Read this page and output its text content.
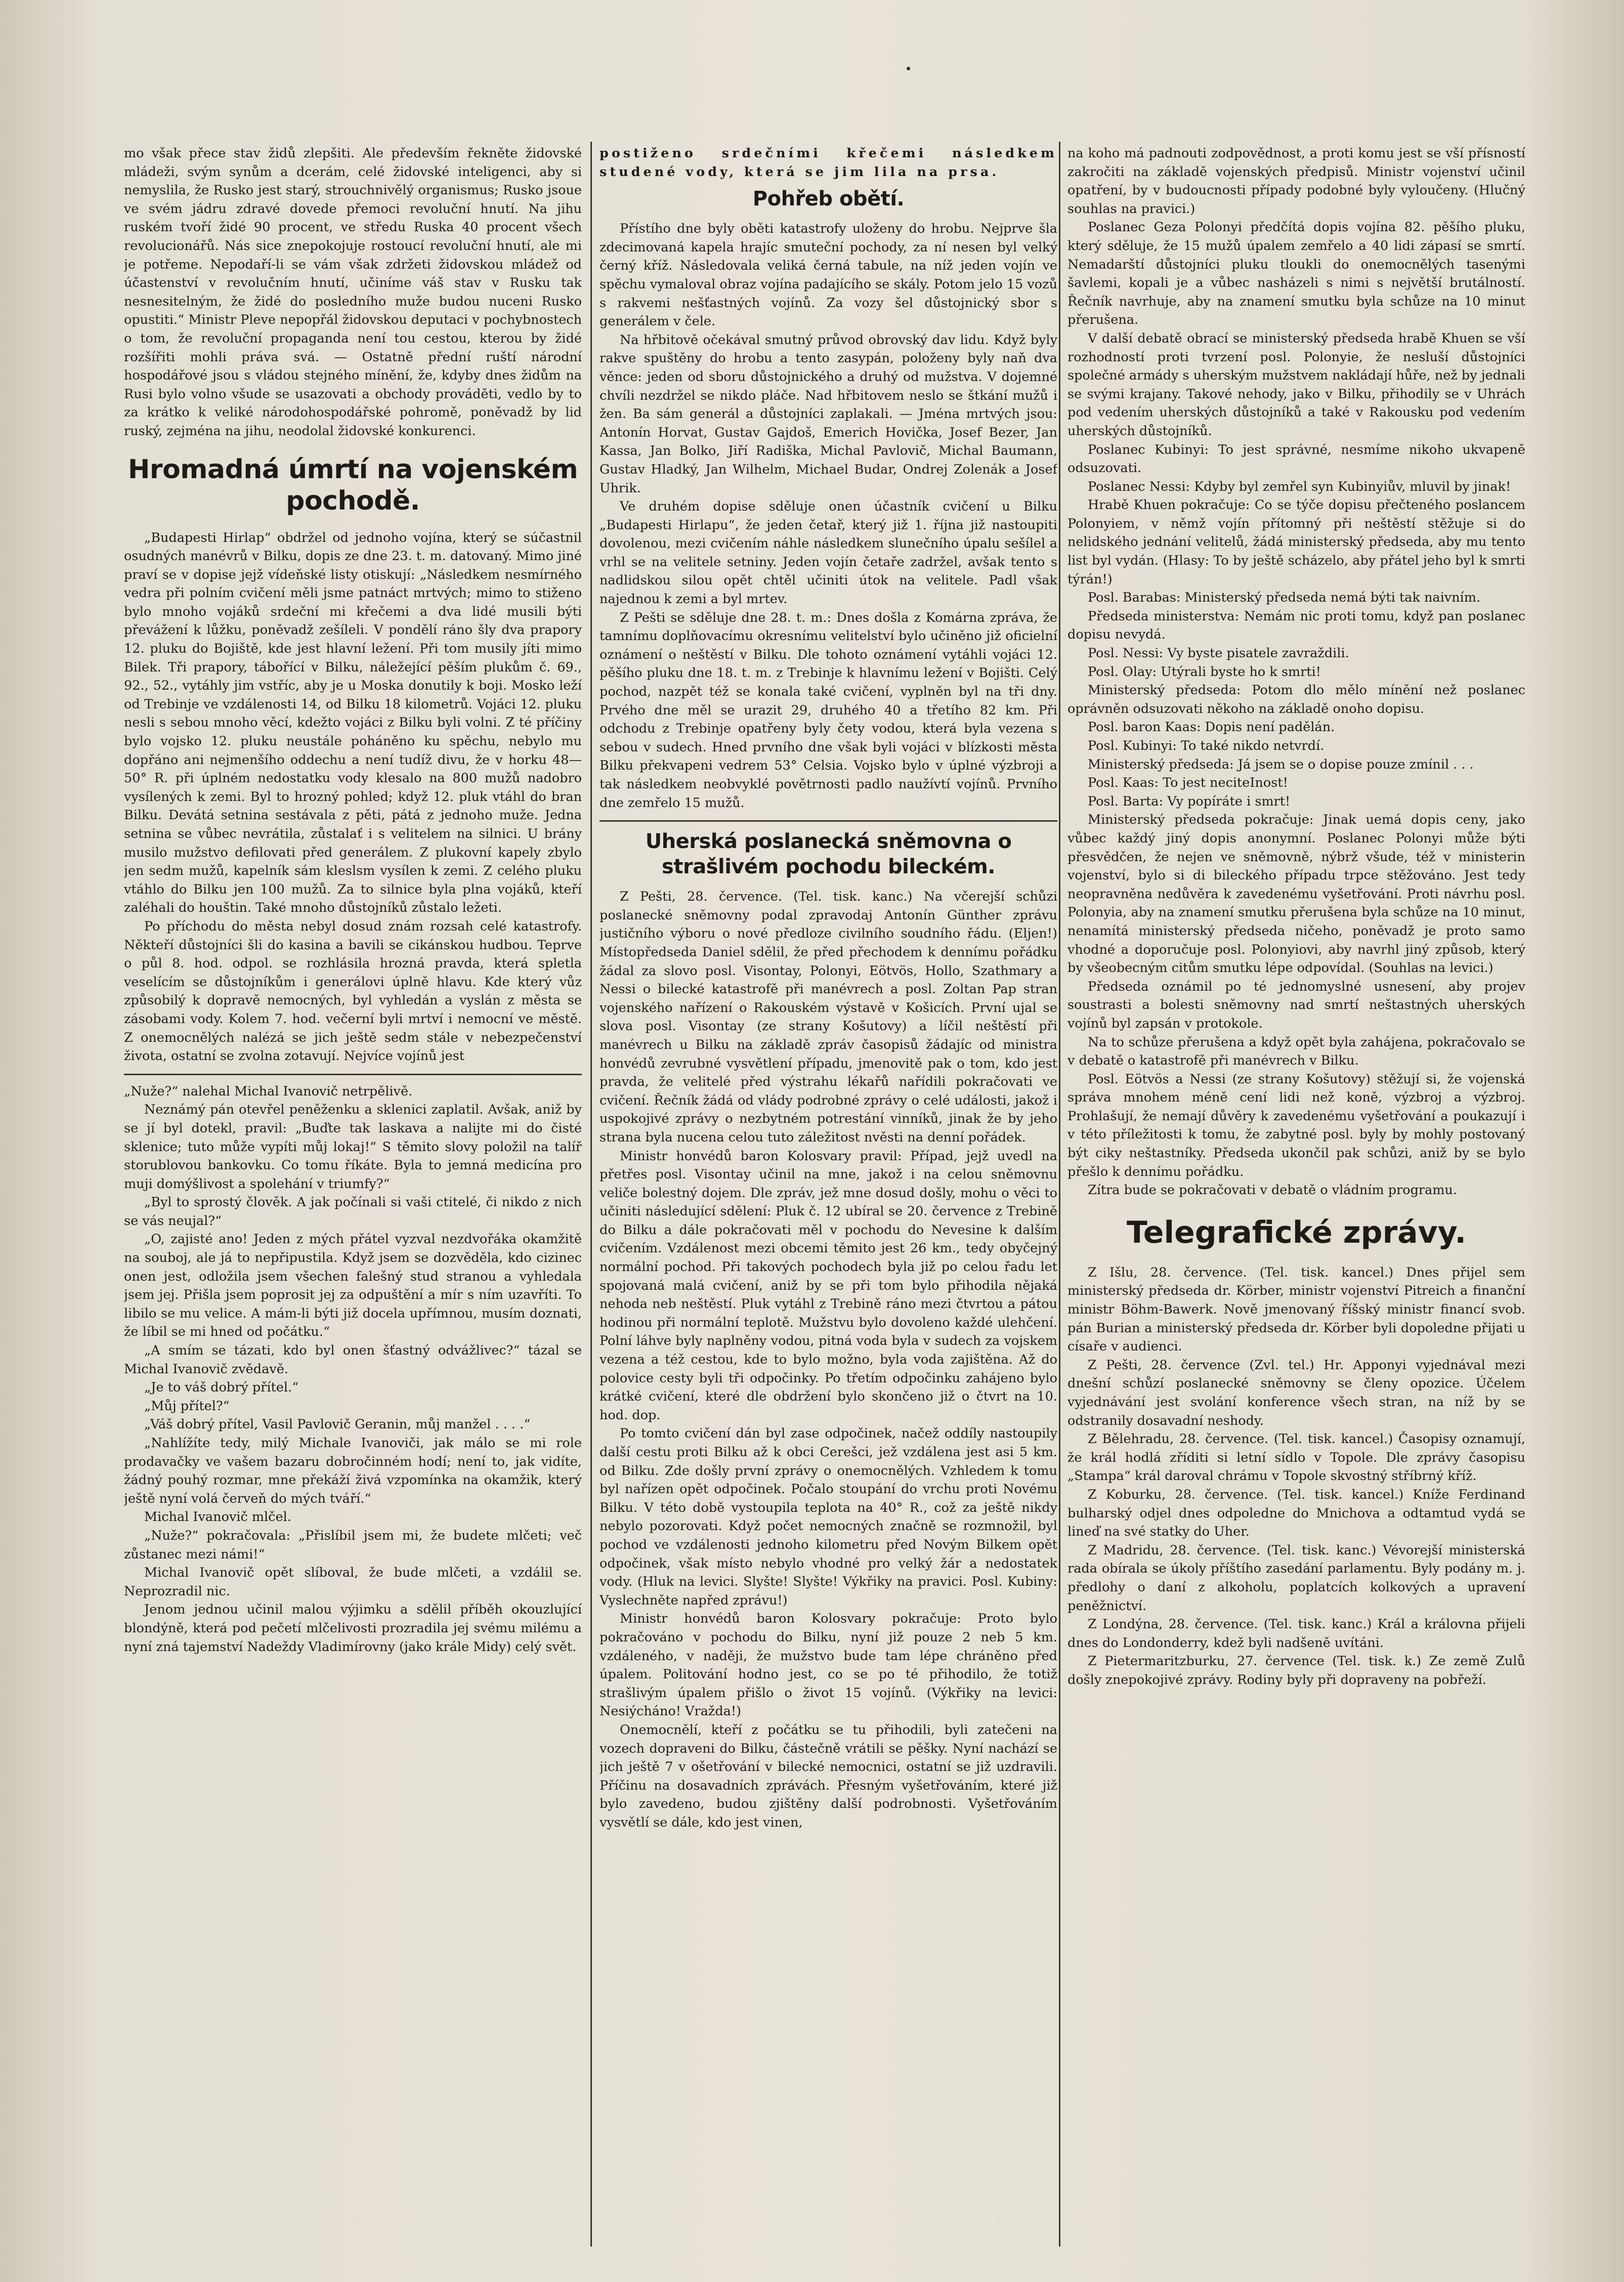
mo však přece stav židů zlepšiti. Ale především řekněte židovské mládeži, svým synům a dcerám, celé židovské inteligenci, aby si nemyslila, že Rusko jest starý, strouchnivělý organismus; Rusko jsoue ve svém jádru zdravé dovede přemoci revoluční hnutí. Na jihu ruském tvoří židé 90 procent, ve středu Ruska 40 procent všech revolucionářů. Nás sice znepokojuje rostoucí revoluční hnutí, ale mi je potřeme. Nepodaří-li se vám však zdržeti židovskou mládež od účastenství v revolučním hnutí, učiníme váš stav v Rusku tak nesnesitelným, že židé do posledního muže budou nuceni Rusko opustiti.“ Ministr Pleve nepopřál židovskou deputaci v pochybnostech o tom, že revoluční propaganda není tou cestou, kterou by židé rozšířiti mohli práva svá. — Ostatně přední ruští národní hospodářové jsou s vládou stejného mínění, že, kdyby dnes židům na Rusi bylo volno všude se usazovati a obchody prováděti, vedlo by to za krátko k veliké národohospodářské pohromě, poněvadž by lid ruský, zejména na jihu, neodolal židovské konkurenci.

Hromadná úmrtí na vojenském pochodě.

„Budapesti Hirlap“ obdržel od jednoho vojína, který se súčastnil osudných manévrů v Bilku, dopis ze dne 23. t. m. datovaný. Mimo jiné praví se v dopise jejž vídeňské listy otiskují: „Následkem nesmírného vedra při polním cvičení měli jsme patnáct mrtvých; mimo to stiženo bylo mnoho vojáků srdeční mi křečemi a dva lidé musili býti převážení k lůžku, poněvadž zešíleli. V pondělí ráno šly dva prapory 12. pluku do Bojiště, kde jest hlavní ležení. Při tom musily jíti mimo Bilek. Tři prapory, tábořící v Bilku, náležející pěším plukům č. 69., 92., 52., vytáhly jim vstříc, aby je u Moska donutily k boji. Mosko leží od Trebinje ve vzdálenosti 14, od Bilku 18 kilometrů. Vojáci 12. pluku nesli s sebou mnoho věcí, kdežto vojáci z Bilku byli volni. Z té příčiny bylo vojsko 12. pluku neustále poháněno ku spěchu, nebylo mu dopřáno ani nejmenšího oddechu a není tudíž divu, že v horku 48—50° R. při úplném nedostatku vody klesalo na 800 mužů nadobro vysílených k zemi. Byl to hrozný pohled; když 12. pluk vtáhl do bran Bilku. Devátá setnina sestávala z pěti, pátá z jednoho muže. Jedna setnina se vůbec nevrátila, zůstalať i s velitelem na silnici. U brány musilo mužstvo defilovati před generálem. Z plukovní kapely zbylo jen sedm mužů, kapelník sám kleslsm vysílen k zemi. Z celého pluku vtáhlo do Bilku jen 100 mužů. Za to silnice byla plna vojáků, kteří zaléhali do houštin. Také mnoho důstojníků zůstalo ležeti.

Po příchodu do města nebyl dosud znám rozsah celé katastrofy. Někteří důstojníci šli do kasina a bavili se cikánskou hudbou. Teprve o půl 8. hod. odpol. se rozhlásila hrozná pravda, která spletla veselícím se důstojníkům i generálovi úplně hlavu. Kde který vůz způsobilý k dopravě nemocných, byl vyhledán a vyslán z města se zásobami vody. Kolem 7. hod. večerní byli mrtví i nemocní ve městě. Z onemocnělých nalézá se jich ještě sedm stále v nebezpečenství života, ostatní se zvolna zotavují. Nejvíce vojínů jest

„Nuže?“ nalehal Michal Ivanovič netrpělivě.

Neznámý pán otevřel peněženku a sklenici zaplatil. Avšak, aniž by se jí byl dotekl, pravil: „Buďte tak laskava a nalijte mi do čisté sklenice; tuto může vypíti můj lokaj!“ S těmito slovy položil na talíř storublovou bankovku. Co tomu říkáte. Byla to jemná medicína pro muji domýšlivost a spolehání v triumfy?“

„Byl to sprostý člověk. A jak počínali si vaši ctitelé, či nikdo z nich se vás neujal?“

„O, zajisté ano! Jeden z mých přátel vyzval nezdvořáka okamžitě na souboj, ale já to nepřipustila. Když jsem se dozvěděla, kdo cizinec onen jest, odložila jsem všechen falešný stud stranou a vyhledala jsem jej. Přišla jsem poprosit jej za odpuštění a mír s ním uzavříti. To libilo se mu velice. A mám-li býti již docela upřímnou, musím doznati, že líbil se mi hned od počátku.“

„A smím se tázati, kdo byl onen šťastný odvážlivec?“ tázal se Michal Ivanovič zvědavě.

„Je to váš dobrý přítel.“

„Můj přítel?“

„Váš dobrý přítel, Vasil Pavlovič Geranin, můj manžel . . . .“

„Nahlížíte tedy, milý Michale Ivanoviči, jak málo se mi role prodavačky ve vašem bazaru dobročinném hodí; není to, jak vidíte, žádný pouhý rozmar, mne překáží živá vzpomínka na okamžik, který ještě nyní volá červeň do mých tváří.“

Michal Ivanovič mlčel.

„Nuže?“ pokračovala: „Přislíbil jsem mi, že budete mlčeti; več zůstanec mezi námi!“

Michal Ivanovič opět slíboval, že bude mlčeti, a vzdálil se. Neprozradil nic.

Jenom jednou učinil malou výjimku a sdělil příběh okouzlující blondýně, která pod pečetí mlčelivosti prozradila jej svému milému a nyní zná tajemství Nadeždy Vladimírovny (jako krále Midy) celý svět.

postiženo srdečními křečemi následkem studené vody, která se jim lila na prsa.

Pohřeb obětí.

Přístího dne byly oběti katastrofy uloženy do hrobu. Nejprve šla zdecimovaná kapela hrajíc smuteční pochody, za ní nesen byl velký černý kříž. Následovala veliká černá tabule, na níž jeden vojín ve spěchu vymaloval obraz vojína padajícího se skály. Potom jelo 15 vozů s rakvemi nešťastných vojínů. Za vozy šel důstojnický sbor s generálem v čele.

Na hřbitově očekával smutný průvod obrovský dav lidu. Když byly rakve spuštěny do hrobu a tento zasypán, položeny byly naň dva věnce: jeden od sboru důstojnického a druhý od mužstva. V dojemné chvíli nezdržel se nikdo pláče. Nad hřbitovem neslo se štkání mužů i žen. Ba sám generál a důstojníci zaplakali. — Jména mrtvých jsou: Antonín Horvat, Gustav Gajdoš, Emerich Hovička, Josef Bezer, Jan Kassa, Jan Bolko, Jiří Radiška, Michal Pavlovič, Michal Baumann, Gustav Hladký, Jan Wilhelm, Michael Budar, Ondrej Zolenák a Josef Uhrik.

Ve druhém dopise sděluje onen účastník cvičení u Bilku „Budapesti Hirlapu“, že jeden četař, který již 1. října již nastoupiti dovolenou, mezi cvičením náhle následkem slunečního úpalu sešílel a vrhl se na velitele setniny. Jeden vojín četaře zadržel, avšak tento s nadlidskou silou opět chtěl učiniti útok na velitele. Padl však najednou k zemi a byl mrtev.

Z Pešti se sděluje dne 28. t. m.: Dnes došla z Komárna zpráva, že tamnímu doplňovacímu okresnímu velitelství bylo učiněno již oficielní oznámení o neštěstí v Bilku. Dle tohoto oznámení vytáhli vojáci 12. pěšího pluku dne 18. t. m. z Trebinje k hlavnímu ležení v Bojišti. Celý pochod, nazpět též se konala také cvičení, vyplněn byl na tři dny. Prvého dne měl se urazit 29, druhého 40 a třetího 82 km. Při odchodu z Trebinje opatřeny byly čety vodou, která byla vezena s sebou v sudech. Hned prvního dne však byli vojáci v blízkosti města Bilku překvapeni vedrem 53° Celsia. Vojsko bylo v úplné výzbroji a tak následkem neobvyklé povětrnosti padlo naužívtí vojínů. Prvního dne zemřelo 15 mužů.

Uherská poslanecká sněmovna o strašlivém pochodu bileckém.

Z Pešti, 28. července. (Tel. tisk. kanc.) Na včerejší schůzi poslanecké sněmovny podal zpravodaj Antonín Günther zprávu justičního výboru o nové předloze civilního soudního řádu. (Eljen!) Místopředseda Daniel sdělil, že před přechodem k dennímu pořádku žádal za slovo posl. Visontay, Polonyi, Eötvös, Hollo, Szathmary a Nessi o bilecké katastrofě při manévrech a posl. Zoltan Pap stran vojenského nařízení o Rakouském výstavě v Košicích. První ujal se slova posl. Visontay (ze strany Košutovy) a líčil neštěstí při manévrech u Bilku na základě zpráv časopisů žádajíc od ministra honvédů zevrubné vysvětlení případu, jmenovitě pak o tom, kdo jest pravda, že velitelé před výstrahu lékařů nařídili pokračovati ve cvičení. Řečník žádá od vlády podrobné zprávy o celé události, jakož i uspokojivé zprávy o nezbytném potrestání vinníků, jinak že by jeho strana byla nucena celou tuto záležitost nvěsti na denní pořádek.

Ministr honvédů baron Kolosvary pravil: Případ, jejž uvedl na přetřes posl. Visontay učinil na mne, jakož i na celou sněmovnu veliče bolestný dojem. Dle zpráv, jež mne dosud došly, mohu o věci to učiniti následující sdělení: Pluk č. 12 ubíral se 20. července z Trebině do Bilku a dále pokračovati měl v pochodu do Nevesine k dalším cvičením. Vzdálenost mezi obcemi těmito jest 26 km., tedy obyčejný normální pochod. Při takových pochodech byla již po celou řadu let spojovaná malá cvičení, aniž by se při tom bylo přihodila nějaká nehoda neb neštěstí. Pluk vytáhl z Trebině ráno mezi čtvrtou a pátou hodinou při normální teplotě. Mužstvu bylo dovoleno každé ulehčení. Polní láhve byly naplněny vodou, pitná voda byla v sudech za vojskem vezena a též cestou, kde to bylo možno, byla voda zajištěna. Až do polovice cesty byli tři odpočinky. Po třetím odpočinku zahájeno bylo krátké cvičení, které dle obdržení bylo skončeno již o čtvrt na 10. hod. dop.

Po tomto cvičení dán byl zase odpočinek, načež oddíly nastoupily další cestu proti Bilku až k obci Cerešci, jež vzdálena jest asi 5 km. od Bilku. Zde došly první zprávy o onemocnělých. Vzhledem k tomu byl nařízen opět odpočinek. Počalo stoupání do vrchu proti Novému Bilku. V této době vystoupila teplota na 40° R., což za ještě nikdy nebylo pozorovati. Když počet nemocných značně se rozmnožil, byl pochod ve vzdálenosti jednoho kilometru před Novým Bilkem opět odpočinek, však místo nebylo vhodné pro velký žár a nedostatek vody. (Hluk na levici. Slyšte! Slyšte! Výkřiky na pravici. Posl. Kubiny: Vyslechněte napřed zprávu!)

Ministr honvédů baron Kolosvary pokračuje: Proto bylo pokračováno v pochodu do Bilku, nyní již pouze 2 neb 5 km. vzdáleného, v naději, že mužstvo bude tam lépe chráněno před úpalem. Politování hodno jest, co se po té přihodilo, že totiž strašlivým úpalem přišlo o život 15 vojínů. (Výkřiky na levici: Nesiýcháno! Vražda!)

Onemocnělí, kteří z počátku se tu přihodili, byli zatečeni na vozech dopraveni do Bilku, částečně vrátili se pěšky. Nyní nachází se jich ještě 7 v ošetřování v bilecké nemocnici, ostatní se již uzdravili. Příčinu na dosavadních zprávách. Přesným vyšetřováním, které již bylo zavedeno, budou zjištěny další podrobnosti. Vyšetřováním vysvětlí se dále, kdo jest vinen,

na koho má padnouti zodpovědnost, a proti komu jest se vší přísností zakročiti na základě vojenských předpisů. Ministr vojenství učinil opatření, by v budoucnosti případy podobné byly vyloučeny. (Hlučný souhlas na pravici.)

Poslanec Geza Polonyi předčítá dopis vojína 82. pěšího pluku, který sděluje, že 15 mužů úpalem zemřelo a 40 lidi zápasí se smrtí. Nemadarští důstojníci pluku tloukli do onemocnělých tasenými šavlemi, kopali je a vůbec nasházeli s nimi s největší brutálností. Řečník navrhuje, aby na znamení smutku byla schůze na 10 minut přerušena.

V další debatě obrací se ministerský předseda hrabě Khuen se vší rozhodností proti tvrzení posl. Polonyie, že nesluší důstojníci společné armády s uherským mužstvem nakládají hůře, než by jednali se svými krajany. Takové nehody, jako v Bilku, přihodily se v Uhrách pod vedením uherských důstojníků a také v Rakousku pod vedením uherských důstojníků.

Poslanec Kubinyi: To jest správné, nesmíme nikoho ukvapeně odsuzovati.

Poslanec Nessi: Kdyby byl zemřel syn Kubinyiův, mluvil by jinak!

Hrabě Khuen pokračuje: Co se týče dopisu přečteného poslancem Polonyiem, v němž vojín přítomný při neštěstí stěžuje si do nelidského jednání velitelů, žádá ministerský předseda, aby mu tento list byl vydán. (Hlasy: To by ještě scházelo, aby přátel jeho byl k smrti týrán!)

Posl. Barabas: Ministerský předseda nemá býti tak naivním.

Předseda ministerstva: Nemám nic proti tomu, když pan poslanec dopisu nevydá.

Posl. Nessi: Vy byste pisatele zavraždili.

Posl. Olay: Utýrali byste ho k smrti!

Ministerský předseda: Potom dlo mělo mínění než poslanec oprávněn odsuzovati někoho na základě onoho dopisu.

Posl. baron Kaas: Dopis není padělán.

Posl. Kubinyi: To také nikdo netvrdí.

Ministerský předseda: Já jsem se o dopise pouze zmínil . . .

Posl. Kaas: To jest neciteInost!

Posl. Barta: Vy popíráte i smrt!

Ministerský předseda pokračuje: Jinak uemá dopis ceny, jako vůbec každý jiný dopis anonymní. Poslanec Polonyi může býti přesvědčen, že nejen ve sněmovně, nýbrž všude, též v ministerin vojenství, bylo si di bileckého případu trpce stěžováno. Jest tedy neopravněna nedůvěra k zavedenému vyšetřování. Proti návrhu posl. Polonyia, aby na znamení smutku přerušena byla schůze na 10 minut, nenamítá ministerský předseda ničeho, poněvadž je proto samo vhodné a doporučuje posl. Polonyiovi, aby navrhl jiný způsob, který by všeobecným citům smutku lépe odpovídal. (Souhlas na levici.)

Předseda oznámil po té jednomyslné usnesení, aby projev soustrasti a bolesti sněmovny nad smrtí neštastných uherských vojínů byl zapsán v protokole.

Na to schůze přerušena a když opět byla zahájena, pokračovalo se v debatě o katastrofě při manévrech v Bilku.

Posl. Eötvös a Nessi (ze strany Košutovy) stěžují si, že vojenská správa mnohem méně cení lidi než koně, výzbroj a výzbroj. Prohlašují, že nemají důvěry k zavedenému vyšetřování a poukazují i v této příležitosti k tomu, že zabytné posl. byly by mohly postovaný být ciky neštastníky. Předseda ukončil pak schůzi, aniž by se bylo přešlo k dennímu pořádku.

Zítra bude se pokračovati v debatě o vládním programu.

Telegrafické zprávy.

Z Išlu, 28. července. (Tel. tisk. kancel.) Dnes přijel sem ministerský předseda dr. Körber, ministr vojenství Pitreich a finanční ministr Böhm-Bawerk. Nově jmenovaný říšský ministr financí svob. pán Burian a ministerský předseda dr. Körber byli dopoledne přijati u císaře v audienci.

Z Pešti, 28. července (Zvl. tel.) Hr. Apponyi vyjednával mezi dnešní schůzí poslanecké sněmovny se členy opozice. Účelem vyjednávání jest svolání konference všech stran, na níž by se odstranily dosavadní neshody.

Z Bělehradu, 28. července. (Tel. tisk. kancel.) Časopisy oznamují, že král hodlá zříditi si letní sídlo v Topole. Dle zprávy časopisu „Stampa“ král daroval chrámu v Topole skvostný stříbrný kříž.

Z Koburku, 28. července. (Tel. tisk. kancel.) Kníže Ferdinand bulharský odjel dnes odpoledne do Mnichova a odtamtud vydá se lineď na své statky do Uher.

Z Madridu, 28. července. (Tel. tisk. kanc.) Vévorejší ministerská rada obírala se úkoly příštího zasedání parlamentu. Byly podány m. j. předlohy o daní z alkoholu, poplatcích kolkových a upravení peněžnictví.

Z Londýna, 28. července. (Tel. tisk. kanc.) Král a královna přijeli dnes do Londonderry, kdež byli nadšeně uvítáni.

Z Pietermaritzburku, 27. července (Tel. tisk. k.) Ze země Zulů došly znepokojivé zprávy. Rodiny byly při dopraveny na pobřeží.
